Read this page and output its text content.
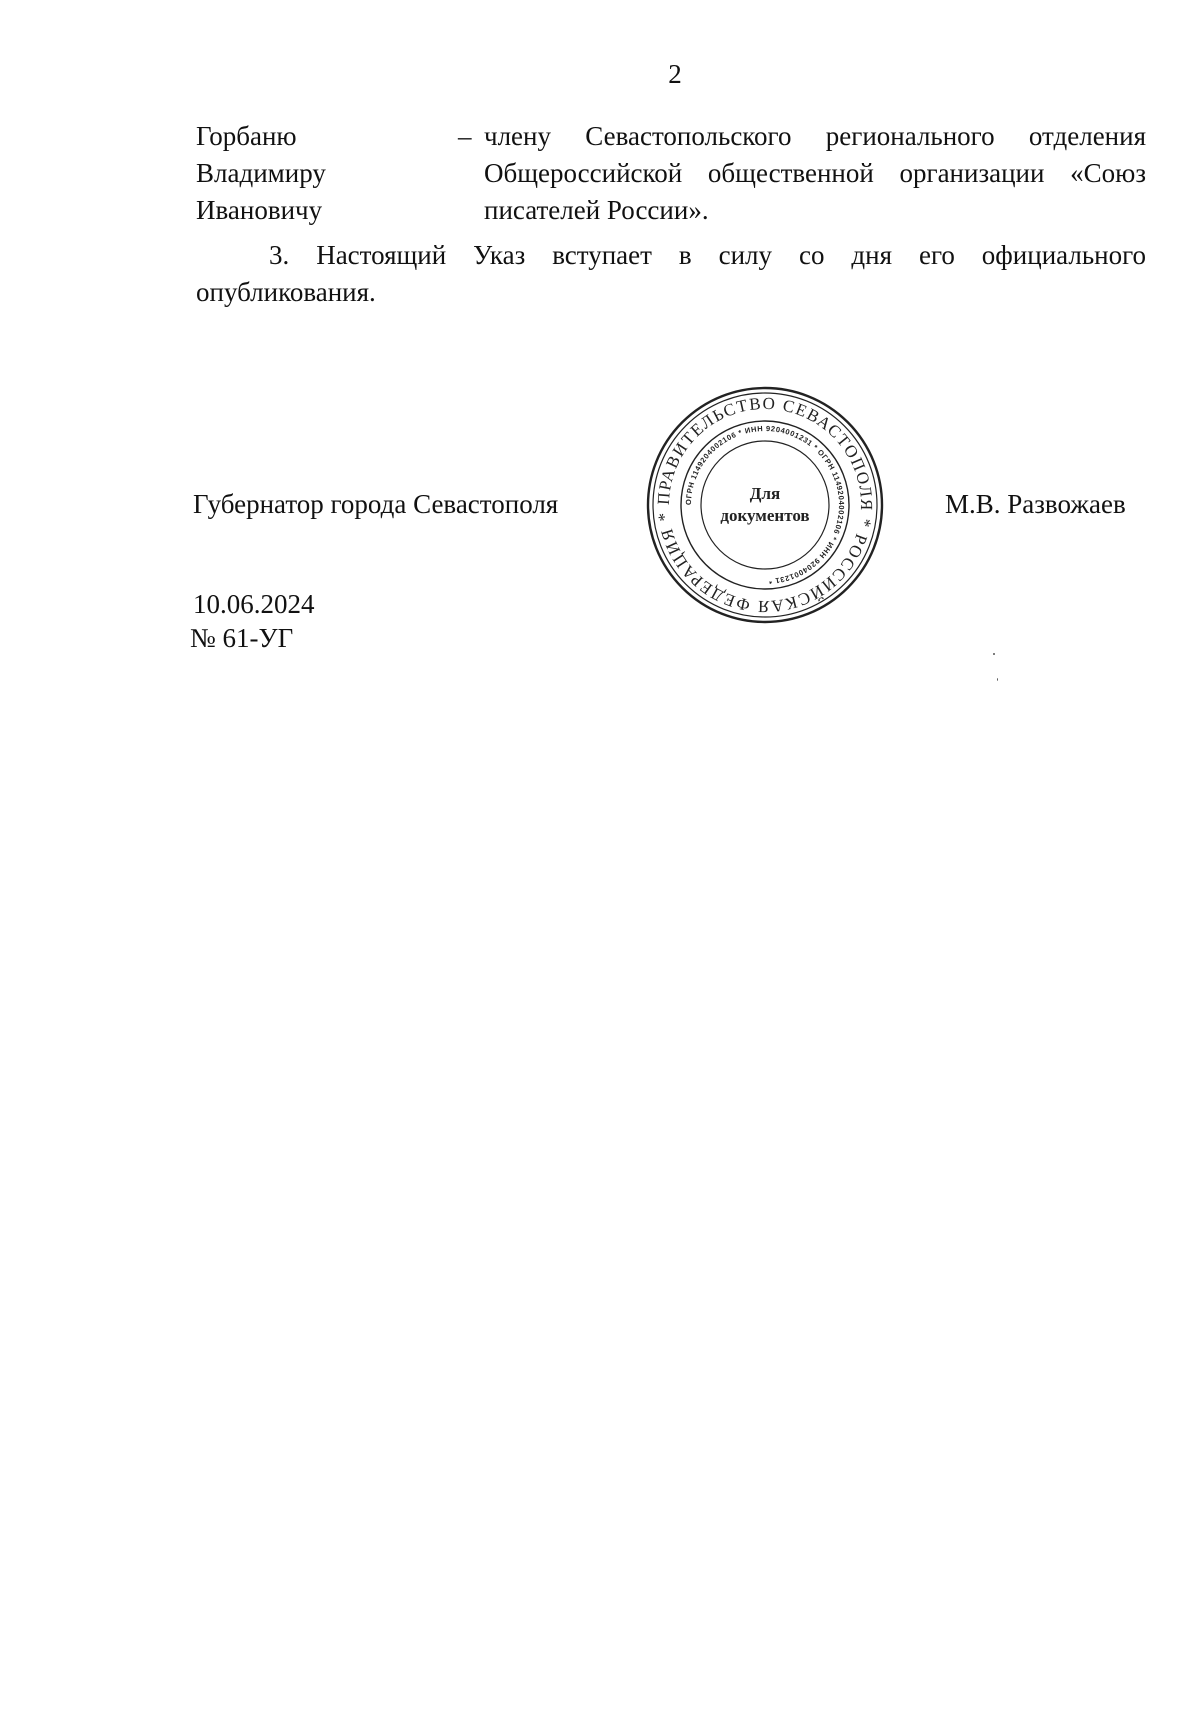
2
Горбаню
Владимиру
Ивановичу
– члену Севастопольского регионального отделения Общероссийской общественной организации «Союз писателей России».
3. Настоящий Указ вступает в силу со дня его официального опубликования.
Губернатор города Севастополя	ПРАВИТЕЛЬСТВО СЕВАСТОПОЛЯ * РОССИЙСКАЯ ФЕДЕРАЦИЯ *
ОГРН 1149204002106 * ИНН 9204001231 * ОГРН 1149204002106 * ИНН 9204001231 *
Для
документов	М.В. Развожаев
10.06.2024
№ 61-УГ
